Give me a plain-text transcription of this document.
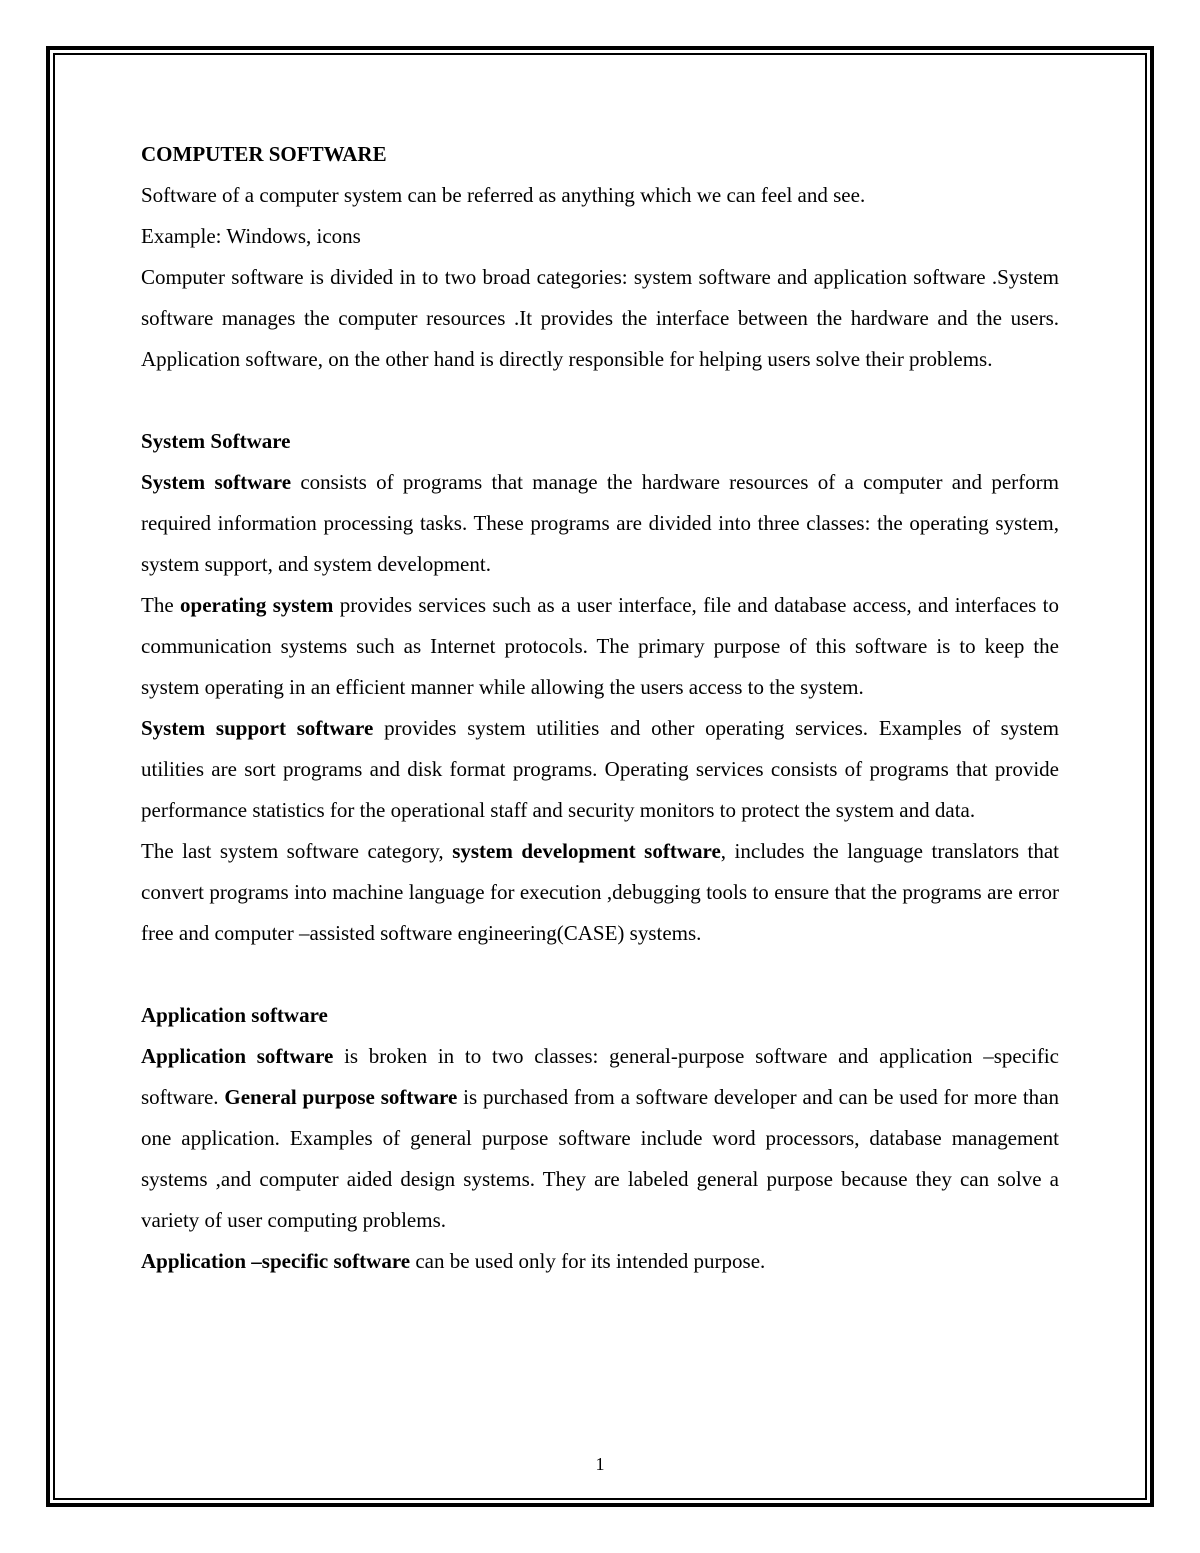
COMPUTER SOFTWARE

Software of a computer system can be referred as anything which we can feel and see.

Example: Windows, icons

Computer software is divided in to two broad categories: system software and application software .System software manages the computer resources .It provides the interface between the hardware and the users. Application software, on the other hand is directly responsible for helping users solve their problems.

System Software

System software consists of programs that manage the hardware resources of a computer and perform required information processing tasks. These programs are divided into three classes: the operating system, system support, and system development.

The operating system provides services such as a user interface, file and database access, and interfaces to communication systems such as Internet protocols. The primary purpose of this software is to keep the system operating in an efficient manner while allowing the users access to the system.

System support software provides system utilities and other operating services. Examples of system utilities are sort programs and disk format programs. Operating services consists of programs that provide performance statistics for the operational staff and security monitors to protect the system and data.

The last system software category, system development software, includes the language translators that convert programs into machine language for execution ,debugging tools to ensure that the programs are error free and computer –assisted software engineering(CASE) systems.

Application software

Application software is broken in to two classes: general-purpose software and application –specific software. General purpose software is purchased from a software developer and can be used for more than one application. Examples of general purpose software include word processors, database management systems ,and computer aided design systems. They are labeled general purpose because they can solve a variety of user computing problems.

Application –specific software can be used only for its intended purpose.

1
